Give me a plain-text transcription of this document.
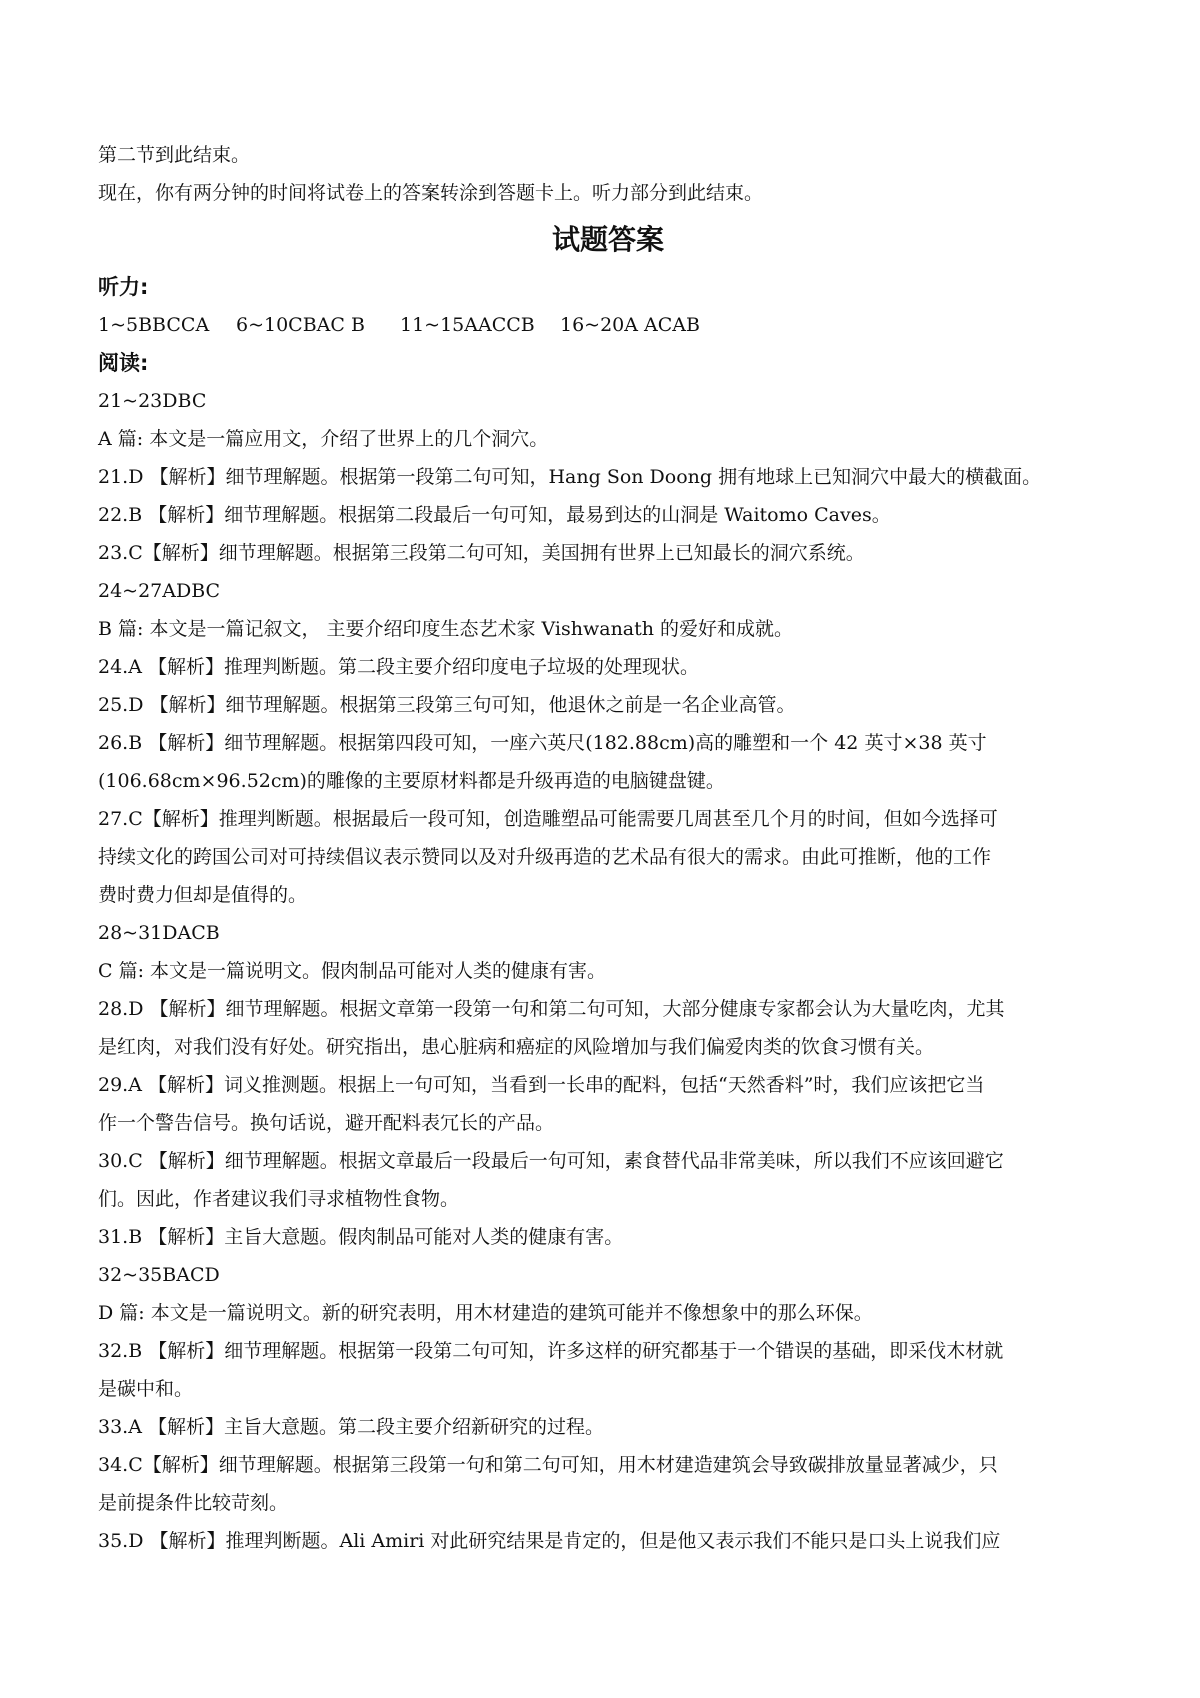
第二节到此结束。
现在，你有两分钟的时间将试卷上的答案转涂到答题卡上。听力部分到此结束。
试题答案
听力:
1~5BBCCA	6~10CBAC B	11~15AACCB	16~20A ACAB
阅读:
21~23DBC
A 篇: 本文是一篇应用文，介绍了世界上的几个洞穴。
21.D 【解析】细节理解题。根据第一段第二句可知，Hang Son Doong 拥有地球上已知洞穴中最大的横截面。
22.B 【解析】细节理解题。根据第二段最后一句可知，最易到达的山洞是 Waitomo Caves。
23.C【解析】细节理解题。根据第三段第二句可知，美国拥有世界上已知最长的洞穴系统。
24~27ADBC
B 篇: 本文是一篇记叙文， 主要介绍印度生态艺术家 Vishwanath 的爱好和成就。
24.A 【解析】推理判断题。第二段主要介绍印度电子垃圾的处理现状。
25.D 【解析】细节理解题。根据第三段第三句可知，他退休之前是一名企业高管。
26.B 【解析】细节理解题。根据第四段可知，一座六英尺(182.88cm)高的雕塑和一个 42 英寸×38 英寸
(106.68cm×96.52cm)的雕像的主要原材料都是升级再造的电脑键盘键。
27.C【解析】推理判断题。根据最后一段可知，创造雕塑品可能需要几周甚至几个月的时间，但如今选择可
持续文化的跨国公司对可持续倡议表示赞同以及对升级再造的艺术品有很大的需求。由此可推断，他的工作
费时费力但却是值得的。
28~31DACB
C 篇: 本文是一篇说明文。假肉制品可能对人类的健康有害。
28.D 【解析】细节理解题。根据文章第一段第一句和第二句可知，大部分健康专家都会认为大量吃肉，尤其
是红肉，对我们没有好处。研究指出，患心脏病和癌症的风险增加与我们偏爱肉类的饮食习惯有关。
29.A 【解析】词义推测题。根据上一句可知，当看到一长串的配料，包括“天然香料”时，我们应该把它当
作一个警告信号。换句话说，避开配料表冗长的产品。
30.C 【解析】细节理解题。根据文章最后一段最后一句可知，素食替代品非常美味，所以我们不应该回避它
们。因此，作者建议我们寻求植物性食物。
31.B 【解析】主旨大意题。假肉制品可能对人类的健康有害。
32~35BACD
D 篇: 本文是一篇说明文。新的研究表明，用木材建造的建筑可能并不像想象中的那么环保。
32.B 【解析】细节理解题。根据第一段第二句可知，许多这样的研究都基于一个错误的基础，即采伐木材就
是碳中和。
33.A 【解析】主旨大意题。第二段主要介绍新研究的过程。
34.C【解析】细节理解题。根据第三段第一句和第二句可知，用木材建造建筑会导致碳排放量显著减少，只
是前提条件比较苛刻。
35.D 【解析】推理判断题。Ali Amiri 对此研究结果是肯定的，但是他又表示我们不能只是口头上说我们应
